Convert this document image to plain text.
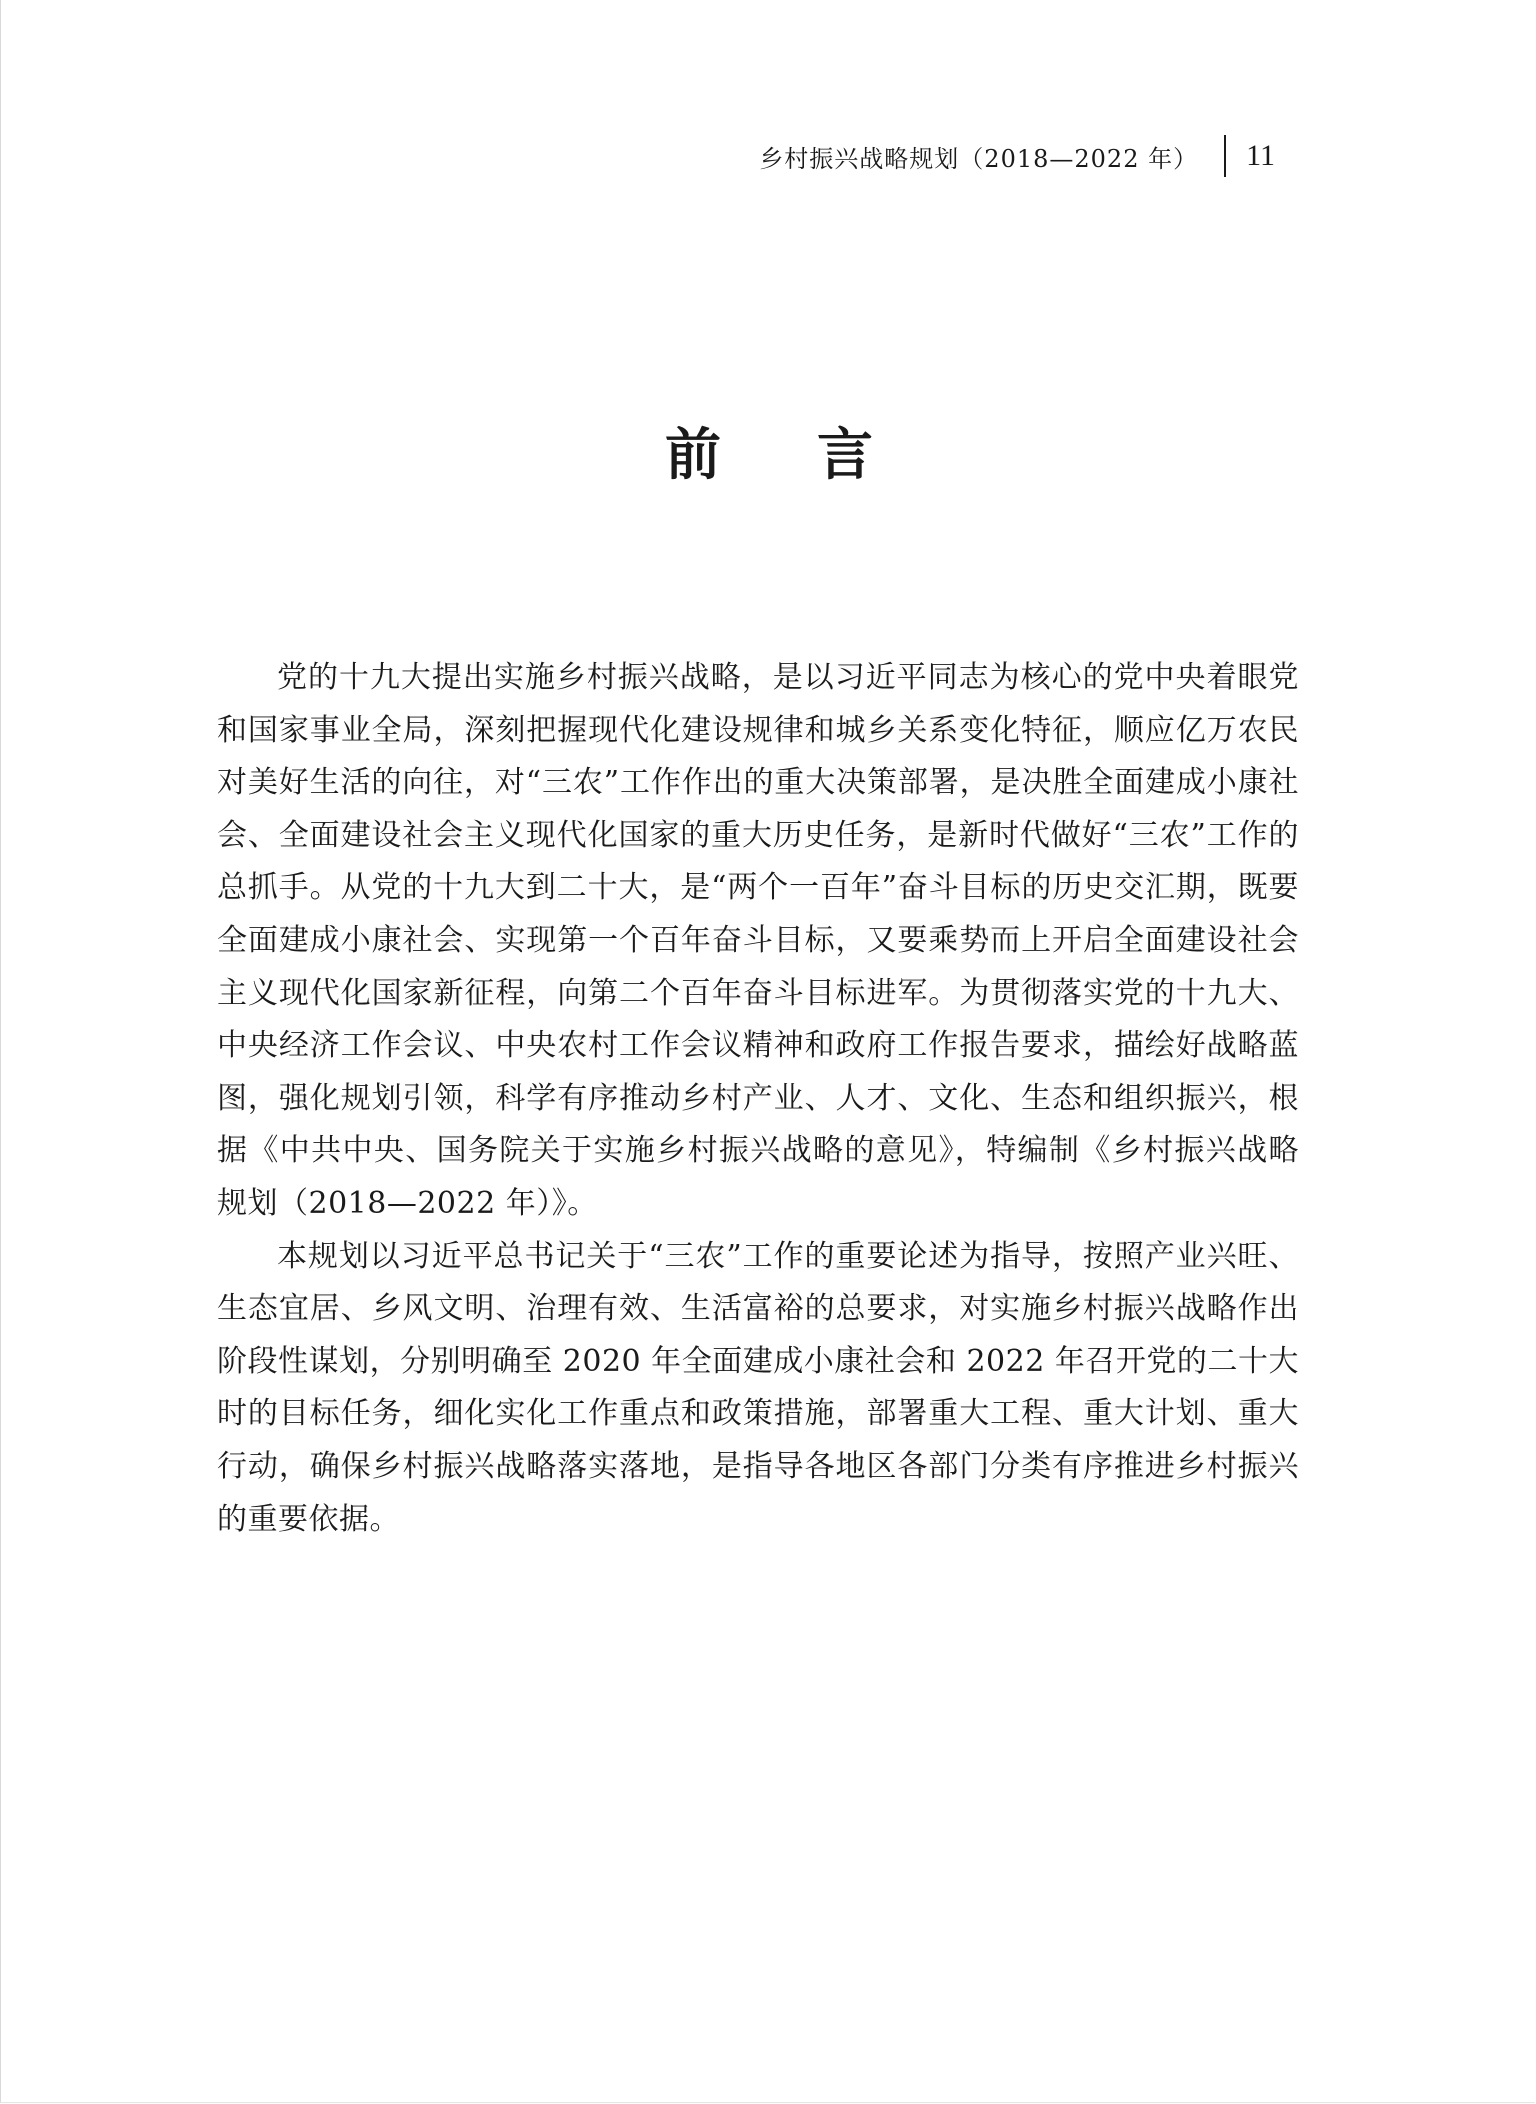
乡村振兴战略规划（2018—2022 年） 11
前 言

党的十九大提出实施乡村振兴战略，是以习近平同志为核心的党中央着眼党和国家事业全局，深刻把握现代化建设规律和城乡关系变化特征，顺应亿万农民对美好生活的向往，对“三农”工作作出的重大决策部署，是决胜全面建成小康社会、全面建设社会主义现代化国家的重大历史任务，是新时代做好“三农”工作的总抓手。从党的十九大到二十大，是“两个一百年”奋斗目标的历史交汇期，既要全面建成小康社会、实现第一个百年奋斗目标，又要乘势而上开启全面建设社会主义现代化国家新征程，向第二个百年奋斗目标进军。为贯彻落实党的十九大、中央经济工作会议、中央农村工作会议精神和政府工作报告要求，描绘好战略蓝图，强化规划引领，科学有序推动乡村产业、人才、文化、生态和组织振兴，根据《中共中央、国务院关于实施乡村振兴战略的意见》，特编制《乡村振兴战略规划（2018—2022 年）》。

本规划以习近平总书记关于“三农”工作的重要论述为指导，按照产业兴旺、生态宜居、乡风文明、治理有效、生活富裕的总要求，对实施乡村振兴战略作出阶段性谋划，分别明确至 2020 年全面建成小康社会和 2022 年召开党的二十大时的目标任务，细化实化工作重点和政策措施，部署重大工程、重大计划、重大行动，确保乡村振兴战略落实落地，是指导各地区各部门分类有序推进乡村振兴的重要依据。
